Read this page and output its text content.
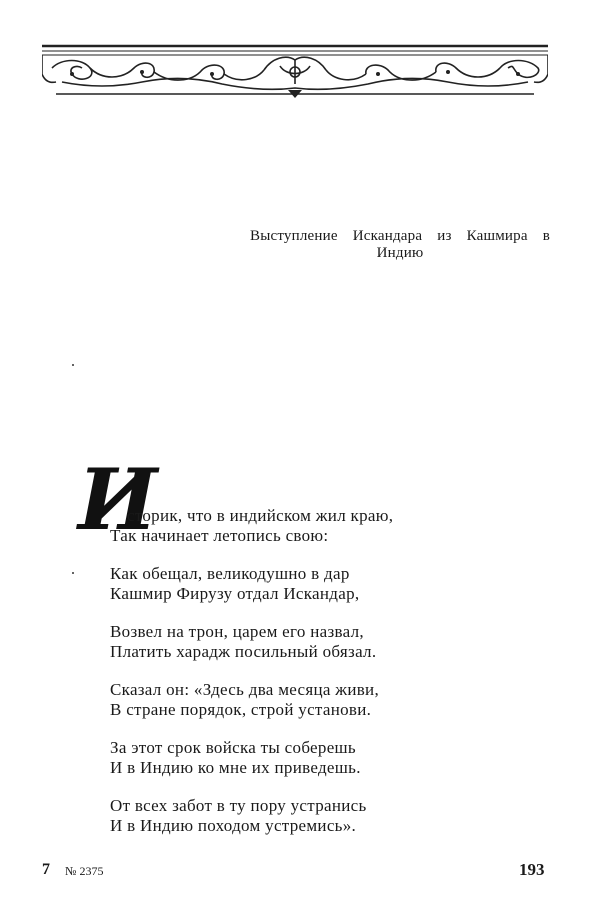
Выступление Искандара из Кашмира в
Индию
И
сторик, что в индийском жил краю,
Так начинает летопись свою:
Как обещал, великодушно в дар
Кашмир Фирузу отдал Искандар,
Возвел на трон, царем его назвал,
Платить харадж посильный обязал.
Сказал он: «Здесь два месяца живи,
В стране порядок, строй установи.
За этот срок войска ты соберешь
И в Индию ко мне их приведешь.
От всех забот в ту пору устранись
И в Индию походом устремись».
7 № 2375	193
